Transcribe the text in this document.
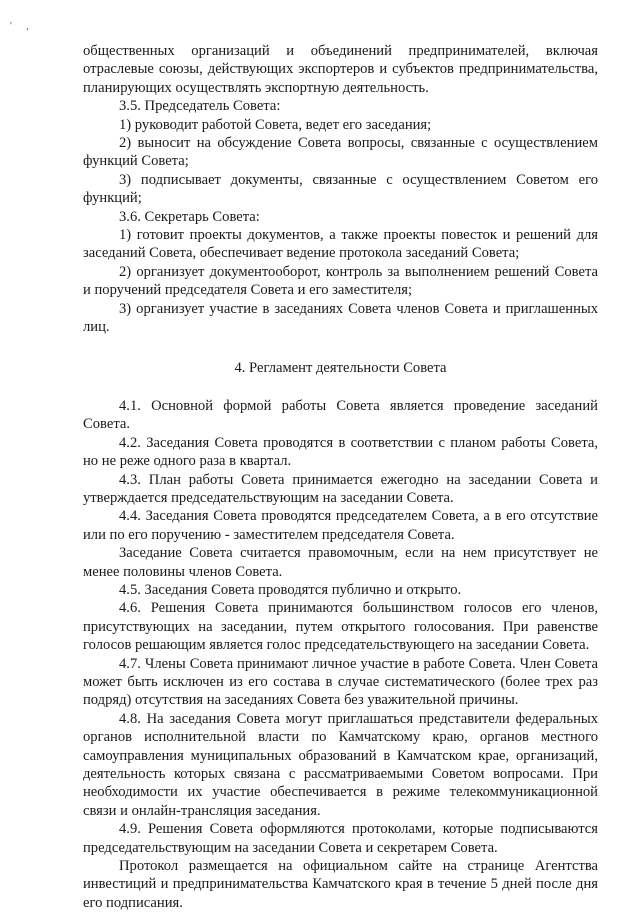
' ,

общественных организаций и объединений предпринимателей, включая отраслевые союзы, действующих экспортеров и субъектов предпринимательства, планирующих осуществлять экспортную деятельность.

3.5. Председатель Совета:

1) руководит работой Совета, ведет его заседания;

2) выносит на обсуждение Совета вопросы, связанные с осуществлением функций Совета;

3) подписывает документы, связанные с осуществлением Советом его функций;

3.6. Секретарь Совета:

1) готовит проекты документов, а также проекты повесток и решений для заседаний Совета, обеспечивает ведение протокола заседаний Совета;

2) организует документооборот, контроль за выполнением решений Совета и поручений председателя Совета и его заместителя;

3) организует участие в заседаниях Совета членов Совета и приглашенных лиц.

4. Регламент деятельности Совета

4.1. Основной формой работы Совета является проведение заседаний Совета.

4.2. Заседания Совета проводятся в соответствии с планом работы Совета, но не реже одного раза в квартал.

4.3. План работы Совета принимается ежегодно на заседании Совета и утверждается председательствующим на заседании Совета.

4.4. Заседания Совета проводятся председателем Совета, а в его отсутствие или по его поручению - заместителем председателя Совета.

Заседание Совета считается правомочным, если на нем присутствует не менее половины членов Совета.

4.5. Заседания Совета проводятся публично и открыто.

4.6. Решения Совета принимаются большинством голосов его членов, присутствующих на заседании, путем открытого голосования. При равенстве голосов решающим является голос председательствующего на заседании Совета.

4.7. Члены Совета принимают личное участие в работе Совета. Член Совета может быть исключен из его состава в случае систематического (более трех раз подряд) отсутствия на заседаниях Совета без уважительной причины.

4.8. На заседания Совета могут приглашаться представители федеральных органов исполнительной власти по Камчатскому краю, органов местного самоуправления муниципальных образований в Камчатском крае, организаций, деятельность которых связана с рассматриваемыми Советом вопросами. При необходимости их участие обеспечивается в режиме телекоммуникационной связи и онлайн-трансляция заседания.

4.9. Решения Совета оформляются протоколами, которые подписываются председательствующим на заседании Совета и секретарем Совета.

Протокол размещается на официальном сайте на странице Агентства инвестиций и предпринимательства Камчатского края в течение 5 дней после дня его подписания.
